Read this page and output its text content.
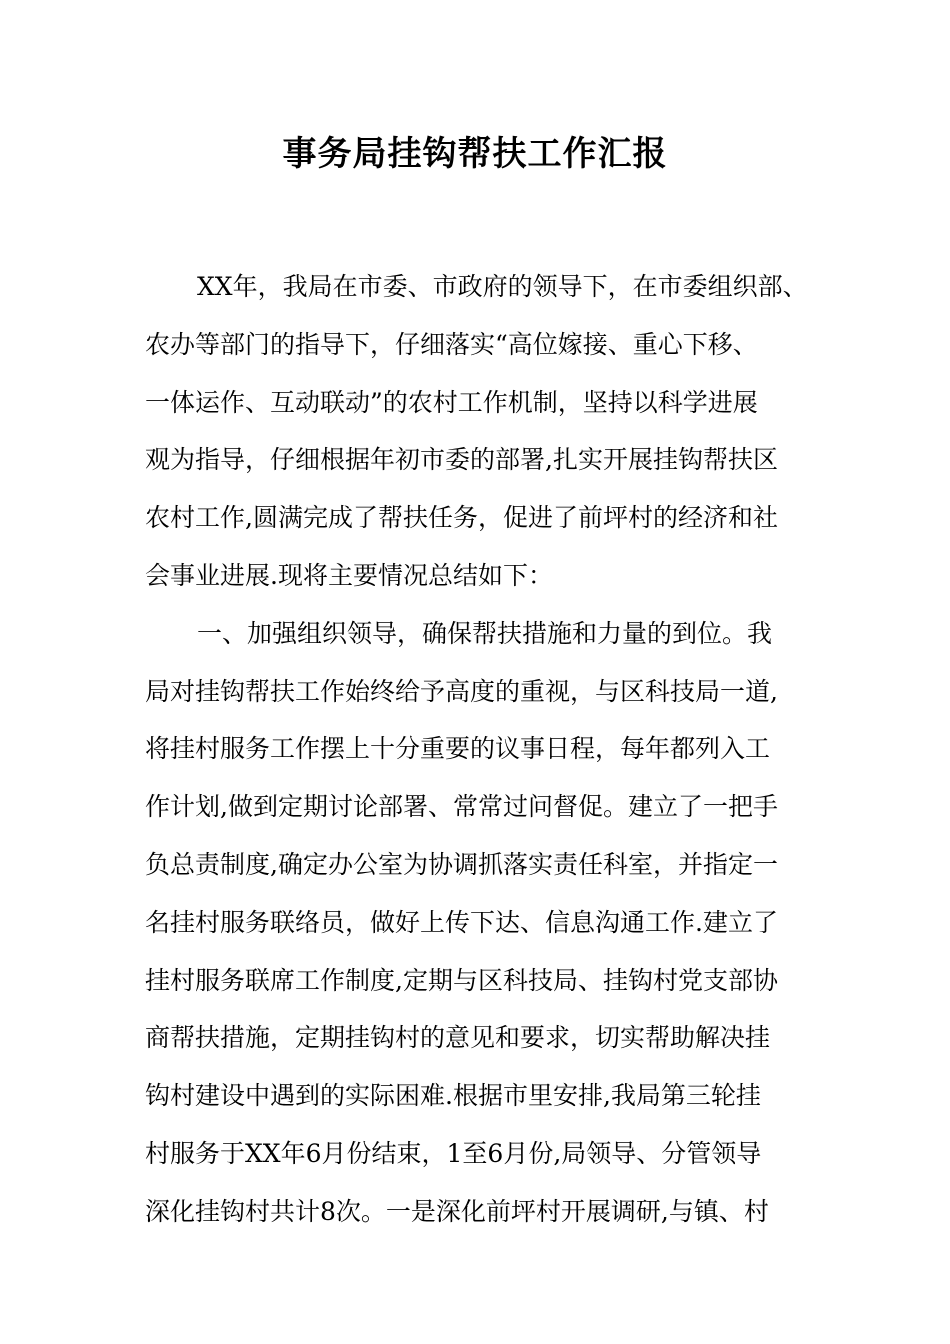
事务局挂钩帮扶工作汇报
XX年，我局在市委、市政府的领导下，在市委组织部、
农办等部门的指导下，仔细落实“高位嫁接、重心下移、
一体运作、互动联动”的农村工作机制，坚持以科学进展
观为指导，仔细根据年初市委的部署,扎实开展挂钩帮扶区
农村工作,圆满完成了帮扶任务，促进了前坪村的经济和社
会事业进展.现将主要情况总结如下：
一、加强组织领导，确保帮扶措施和力量的到位。我
局对挂钩帮扶工作始终给予高度的重视，与区科技局一道,
将挂村服务工作摆上十分重要的议事日程，每年都列入工
作计划,做到定期讨论部署、常常过问督促。建立了一把手
负总责制度,确定办公室为协调抓落实责任科室，并指定一
名挂村服务联络员，做好上传下达、信息沟通工作.建立了
挂村服务联席工作制度,定期与区科技局、挂钩村党支部协
商帮扶措施，定期挂钩村的意见和要求，切实帮助解决挂
钩村建设中遇到的实际困难.根据市里安排,我局第三轮挂
村服务于XX年6月份结束，1至6月份,局领导、分管领导
深化挂钩村共计8次。一是深化前坪村开展调研,与镇、村
